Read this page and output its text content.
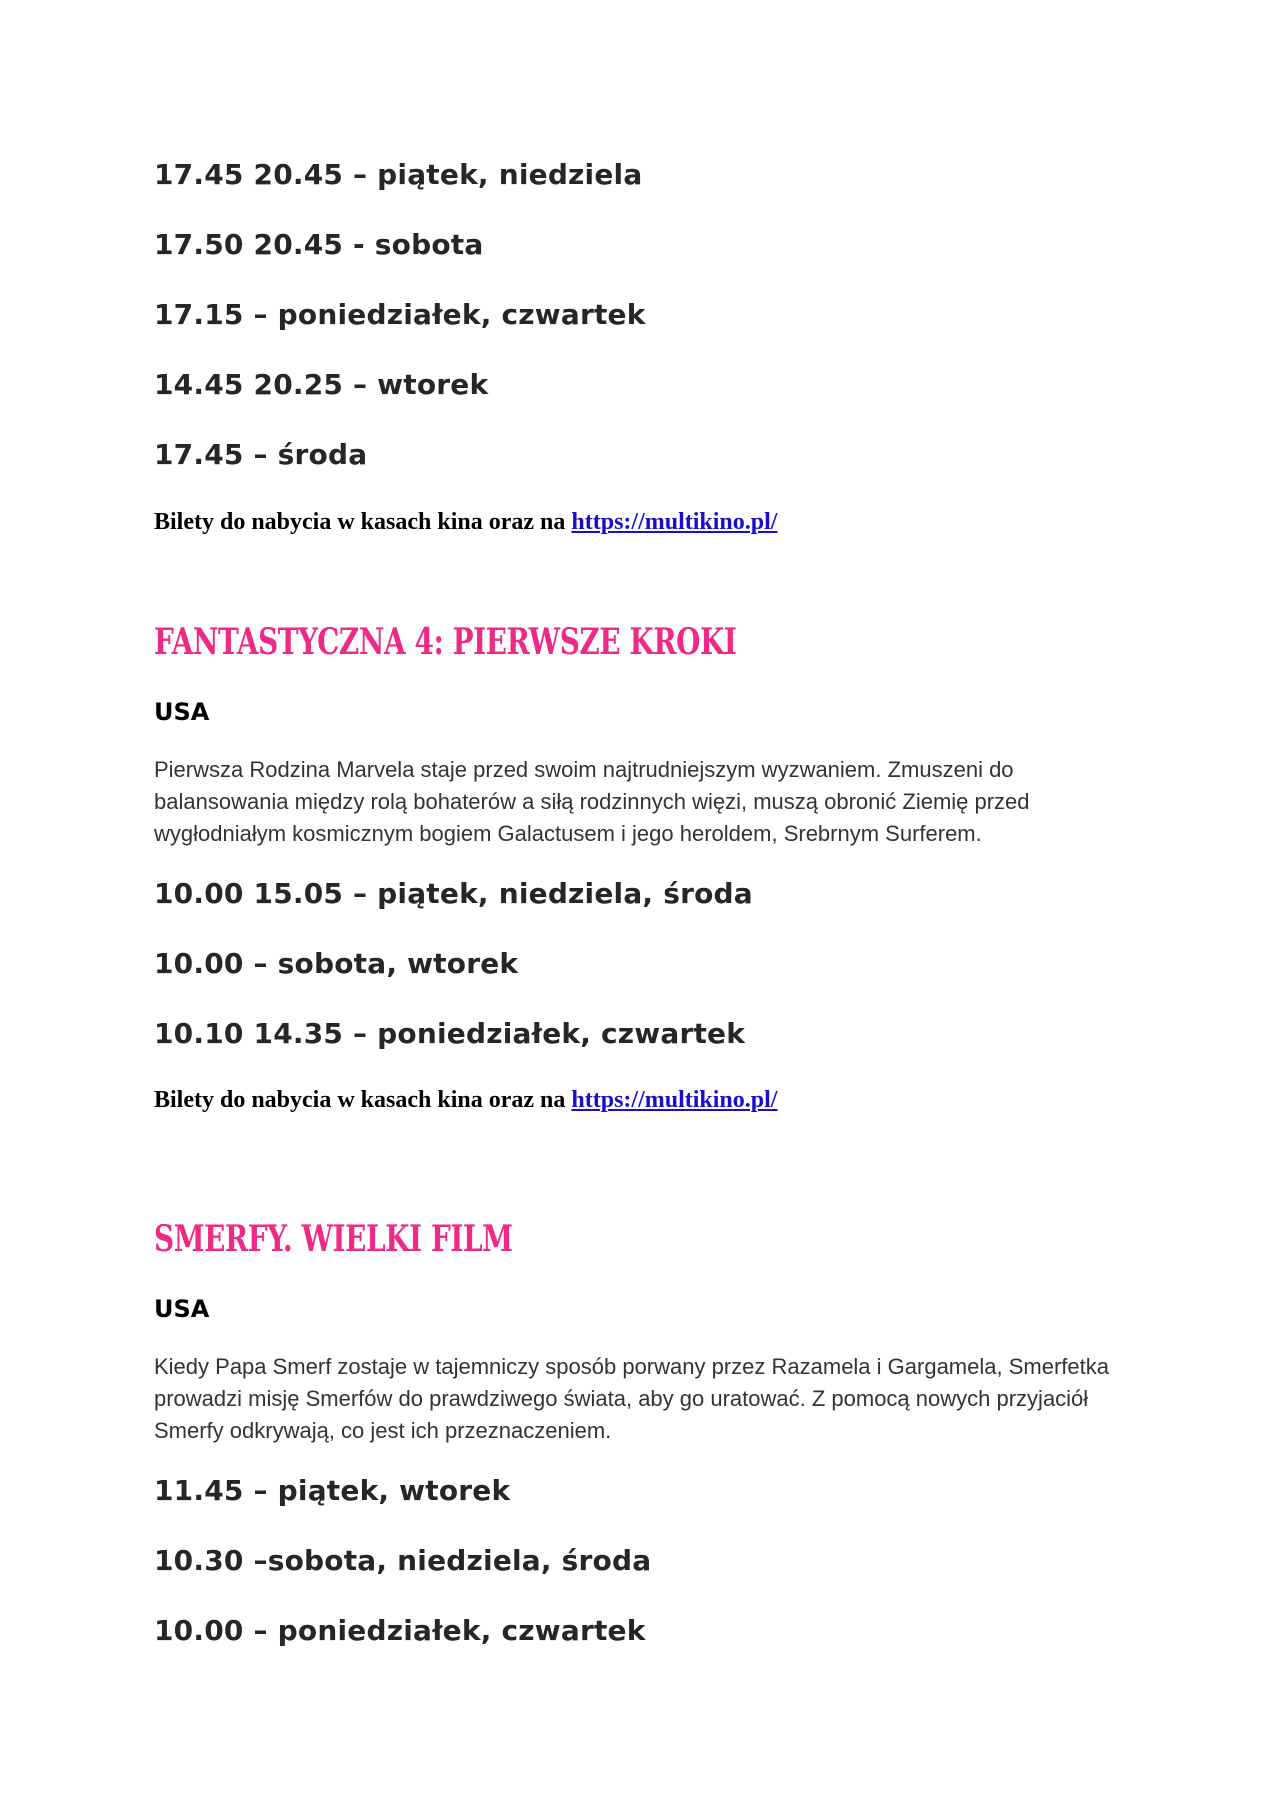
17.45 20.45 – piątek, niedziela
17.50 20.45 - sobota
17.15 – poniedziałek, czwartek
14.45 20.25 – wtorek
17.45 – środa
Bilety do nabycia w kasach kina oraz na https://multikino.pl/
FANTASTYCZNA 4: PIERWSZE KROKI
USA
Pierwsza Rodzina Marvela staje przed swoim najtrudniejszym wyzwaniem. Zmuszeni do balansowania między rolą bohaterów a siłą rodzinnych więzi, muszą obronić Ziemię przed wygłodniałym kosmicznym bogiem Galactusem i jego heroldem, Srebrnym Surferem.
10.00 15.05 – piątek, niedziela, środa
10.00 – sobota, wtorek
10.10 14.35 – poniedziałek, czwartek
Bilety do nabycia w kasach kina oraz na https://multikino.pl/
SMERFY. WIELKI FILM
USA
Kiedy Papa Smerf zostaje w tajemniczy sposób porwany przez Razamela i Gargamela, Smerfetka prowadzi misję Smerfów do prawdziwego świata, aby go uratować. Z pomocą nowych przyjaciół Smerfy odkrywają, co jest ich przeznaczeniem.
11.45 – piątek, wtorek
10.30 –sobota, niedziela, środa
10.00 – poniedziałek, czwartek
